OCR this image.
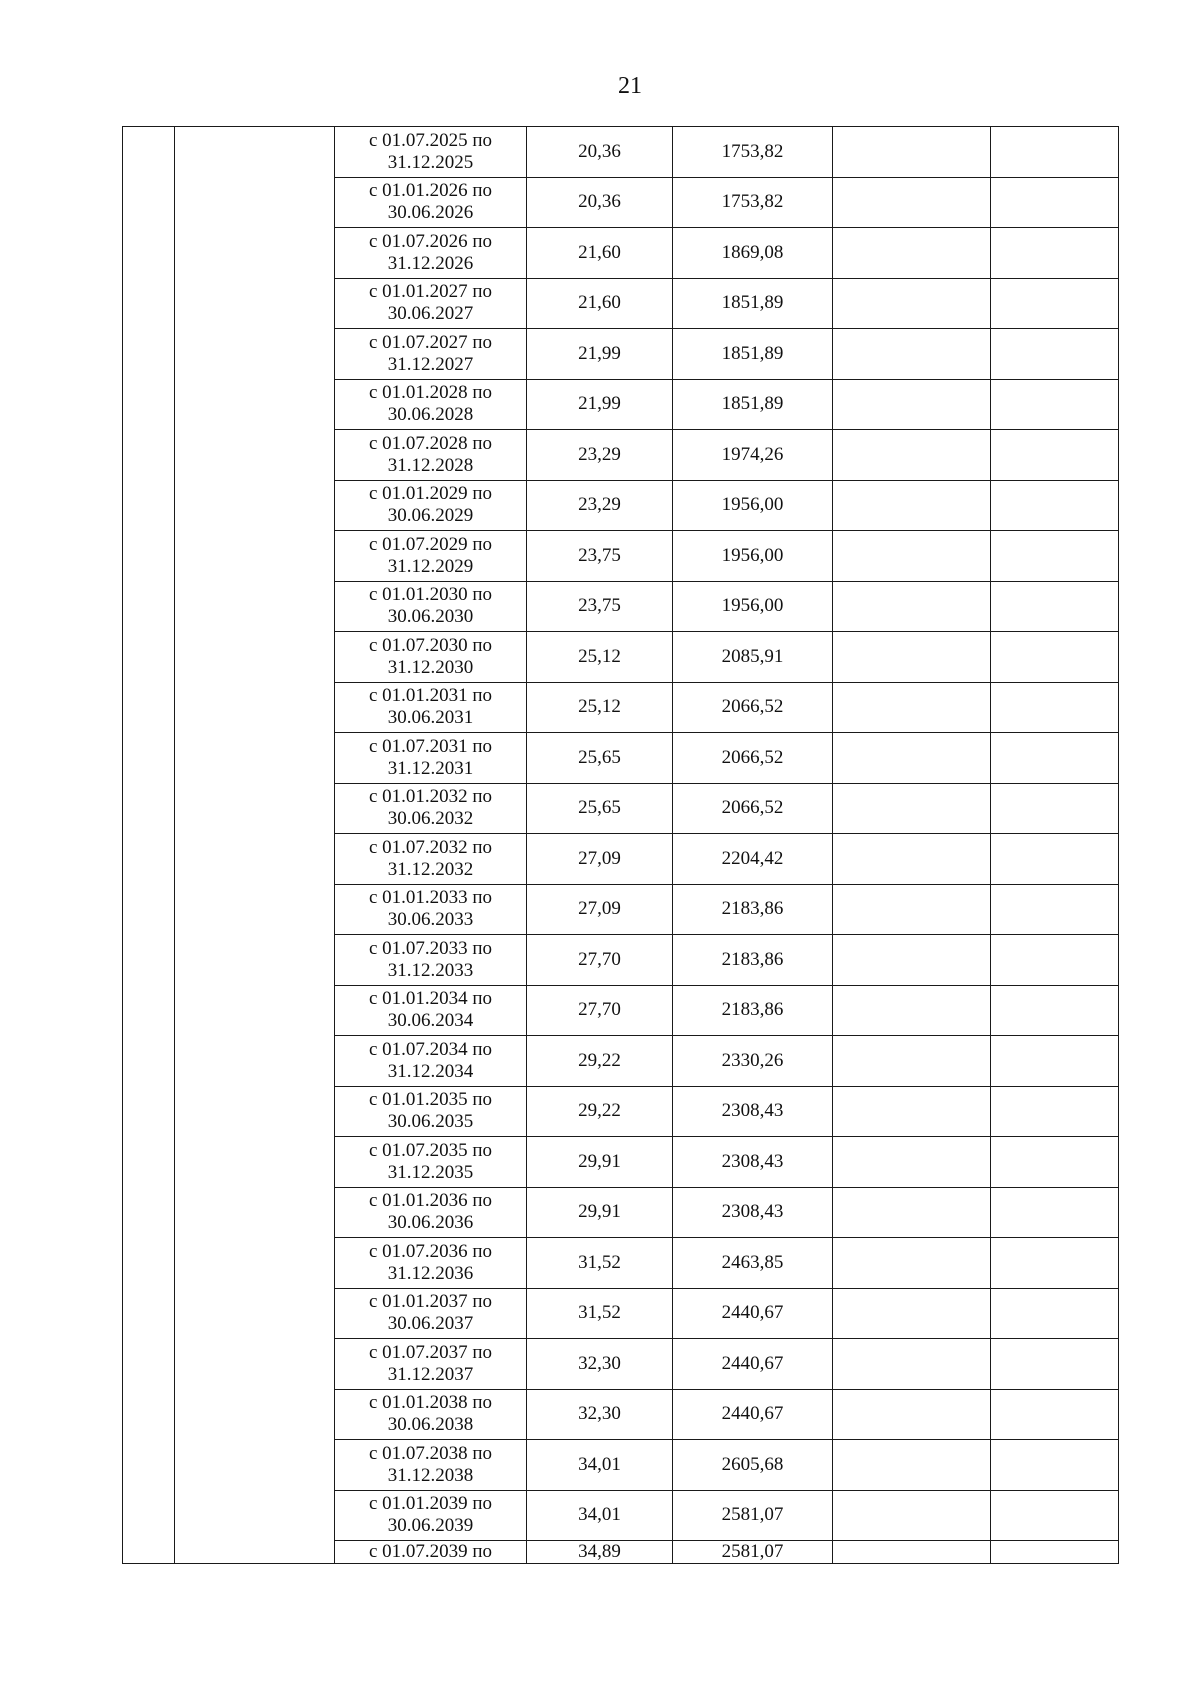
21

		с 01.07.2025 по
31.12.2025	20,36	1753,82		

		с 01.01.2026 по
30.06.2026	20,36	1753,82		

		с 01.07.2026 по
31.12.2026	21,60	1869,08		

		с 01.01.2027 по
30.06.2027	21,60	1851,89		

		с 01.07.2027 по
31.12.2027	21,99	1851,89		

		с 01.01.2028 по
30.06.2028	21,99	1851,89		

		с 01.07.2028 по
31.12.2028	23,29	1974,26		

		с 01.01.2029 по
30.06.2029	23,29	1956,00		

		с 01.07.2029 по
31.12.2029	23,75	1956,00		

		с 01.01.2030 по
30.06.2030	23,75	1956,00		

		с 01.07.2030 по
31.12.2030	25,12	2085,91		

		с 01.01.2031 по
30.06.2031	25,12	2066,52		

		с 01.07.2031 по
31.12.2031	25,65	2066,52		

		с 01.01.2032 по
30.06.2032	25,65	2066,52		

		с 01.07.2032 по
31.12.2032	27,09	2204,42		

		с 01.01.2033 по
30.06.2033	27,09	2183,86		

		с 01.07.2033 по
31.12.2033	27,70	2183,86		

		с 01.01.2034 по
30.06.2034	27,70	2183,86		

		с 01.07.2034 по
31.12.2034	29,22	2330,26		

		с 01.01.2035 по
30.06.2035	29,22	2308,43		

		с 01.07.2035 по
31.12.2035	29,91	2308,43		

		с 01.01.2036 по
30.06.2036	29,91	2308,43		

		с 01.07.2036 по
31.12.2036	31,52	2463,85		

		с 01.01.2037 по
30.06.2037	31,52	2440,67		

		с 01.07.2037 по
31.12.2037	32,30	2440,67		

		с 01.01.2038 по
30.06.2038	32,30	2440,67		

		с 01.07.2038 по
31.12.2038	34,01	2605,68		

		с 01.01.2039 по
30.06.2039	34,01	2581,07		
		с 01.07.2039 по	34,89	2581,07		
